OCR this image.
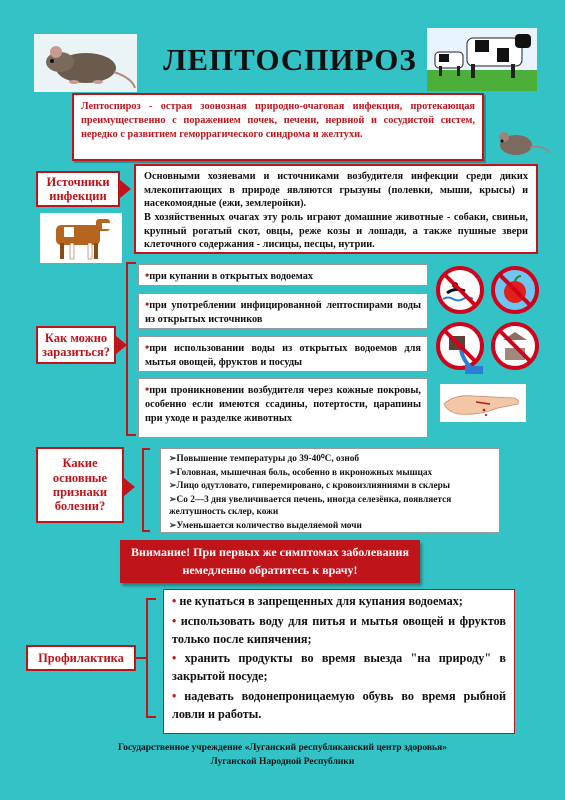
ЛЕПТОСПИРОЗ
Лептоспироз - острая зоонозная природно-очаговая инфекция, протекающая преимущественно с поражением почек, печени, нервной и сосудистой систем, нередко с развитием геморрагического синдрома и желтухи.
Источники инфекции

Основными хозяевами и источниками возбудителя инфекции среди диких млекопитающих в природе являются грызуны (полевки, мыши, крысы) и насекомоядные (ежи, землеройки).

В хозяйственных очагах эту роль играют домашние животные - собаки, свиньи, крупный рогатый скот, овцы, реже козы и лошади, а также пушные звери клеточного содержания - лисицы, песцы, нутрии.

Как можно заразиться?
•при купании в открытых водоемах
•при употреблении инфицированной лептоспирами воды из открытых источников
•при использовании воды из открытых водоемов для мытья овощей, фруктов и посуды
•при проникновении возбудителя через кожные покровы, особенно если имеются ссадины, потертости, царапины при уходе и разделке животных
Какие основные признаки болезни?
➢ Повышение температуры до 39-40⁰С, озноб
➢ Головная, мышечная боль, особенно в икроножных мышцах
➢ Лицо одутловато, гиперемировано, с кровоизлияниями в склеры
➢ Со 2—3 дня увеличивается печень, иногда селезёнка, появляется желтушность склер, кожи
➢ Уменьшается количество выделяемой мочи
Внимание! При первых же симптомах заболевания немедленно обратитесь к врачу!
Профилактика

• не купаться в запрещенных для купания водоемах;

• использовать воду для питья и мытья овощей и фруктов только после кипячения;

• хранить продукты во время выезда "на природу" в закрытой посуде;

• надевать водонепроницаемую обувь во время рыбной ловли и работы.

Государственное учреждение «Луганский республиканский центр здоровья»
Луганской Народной Республики
